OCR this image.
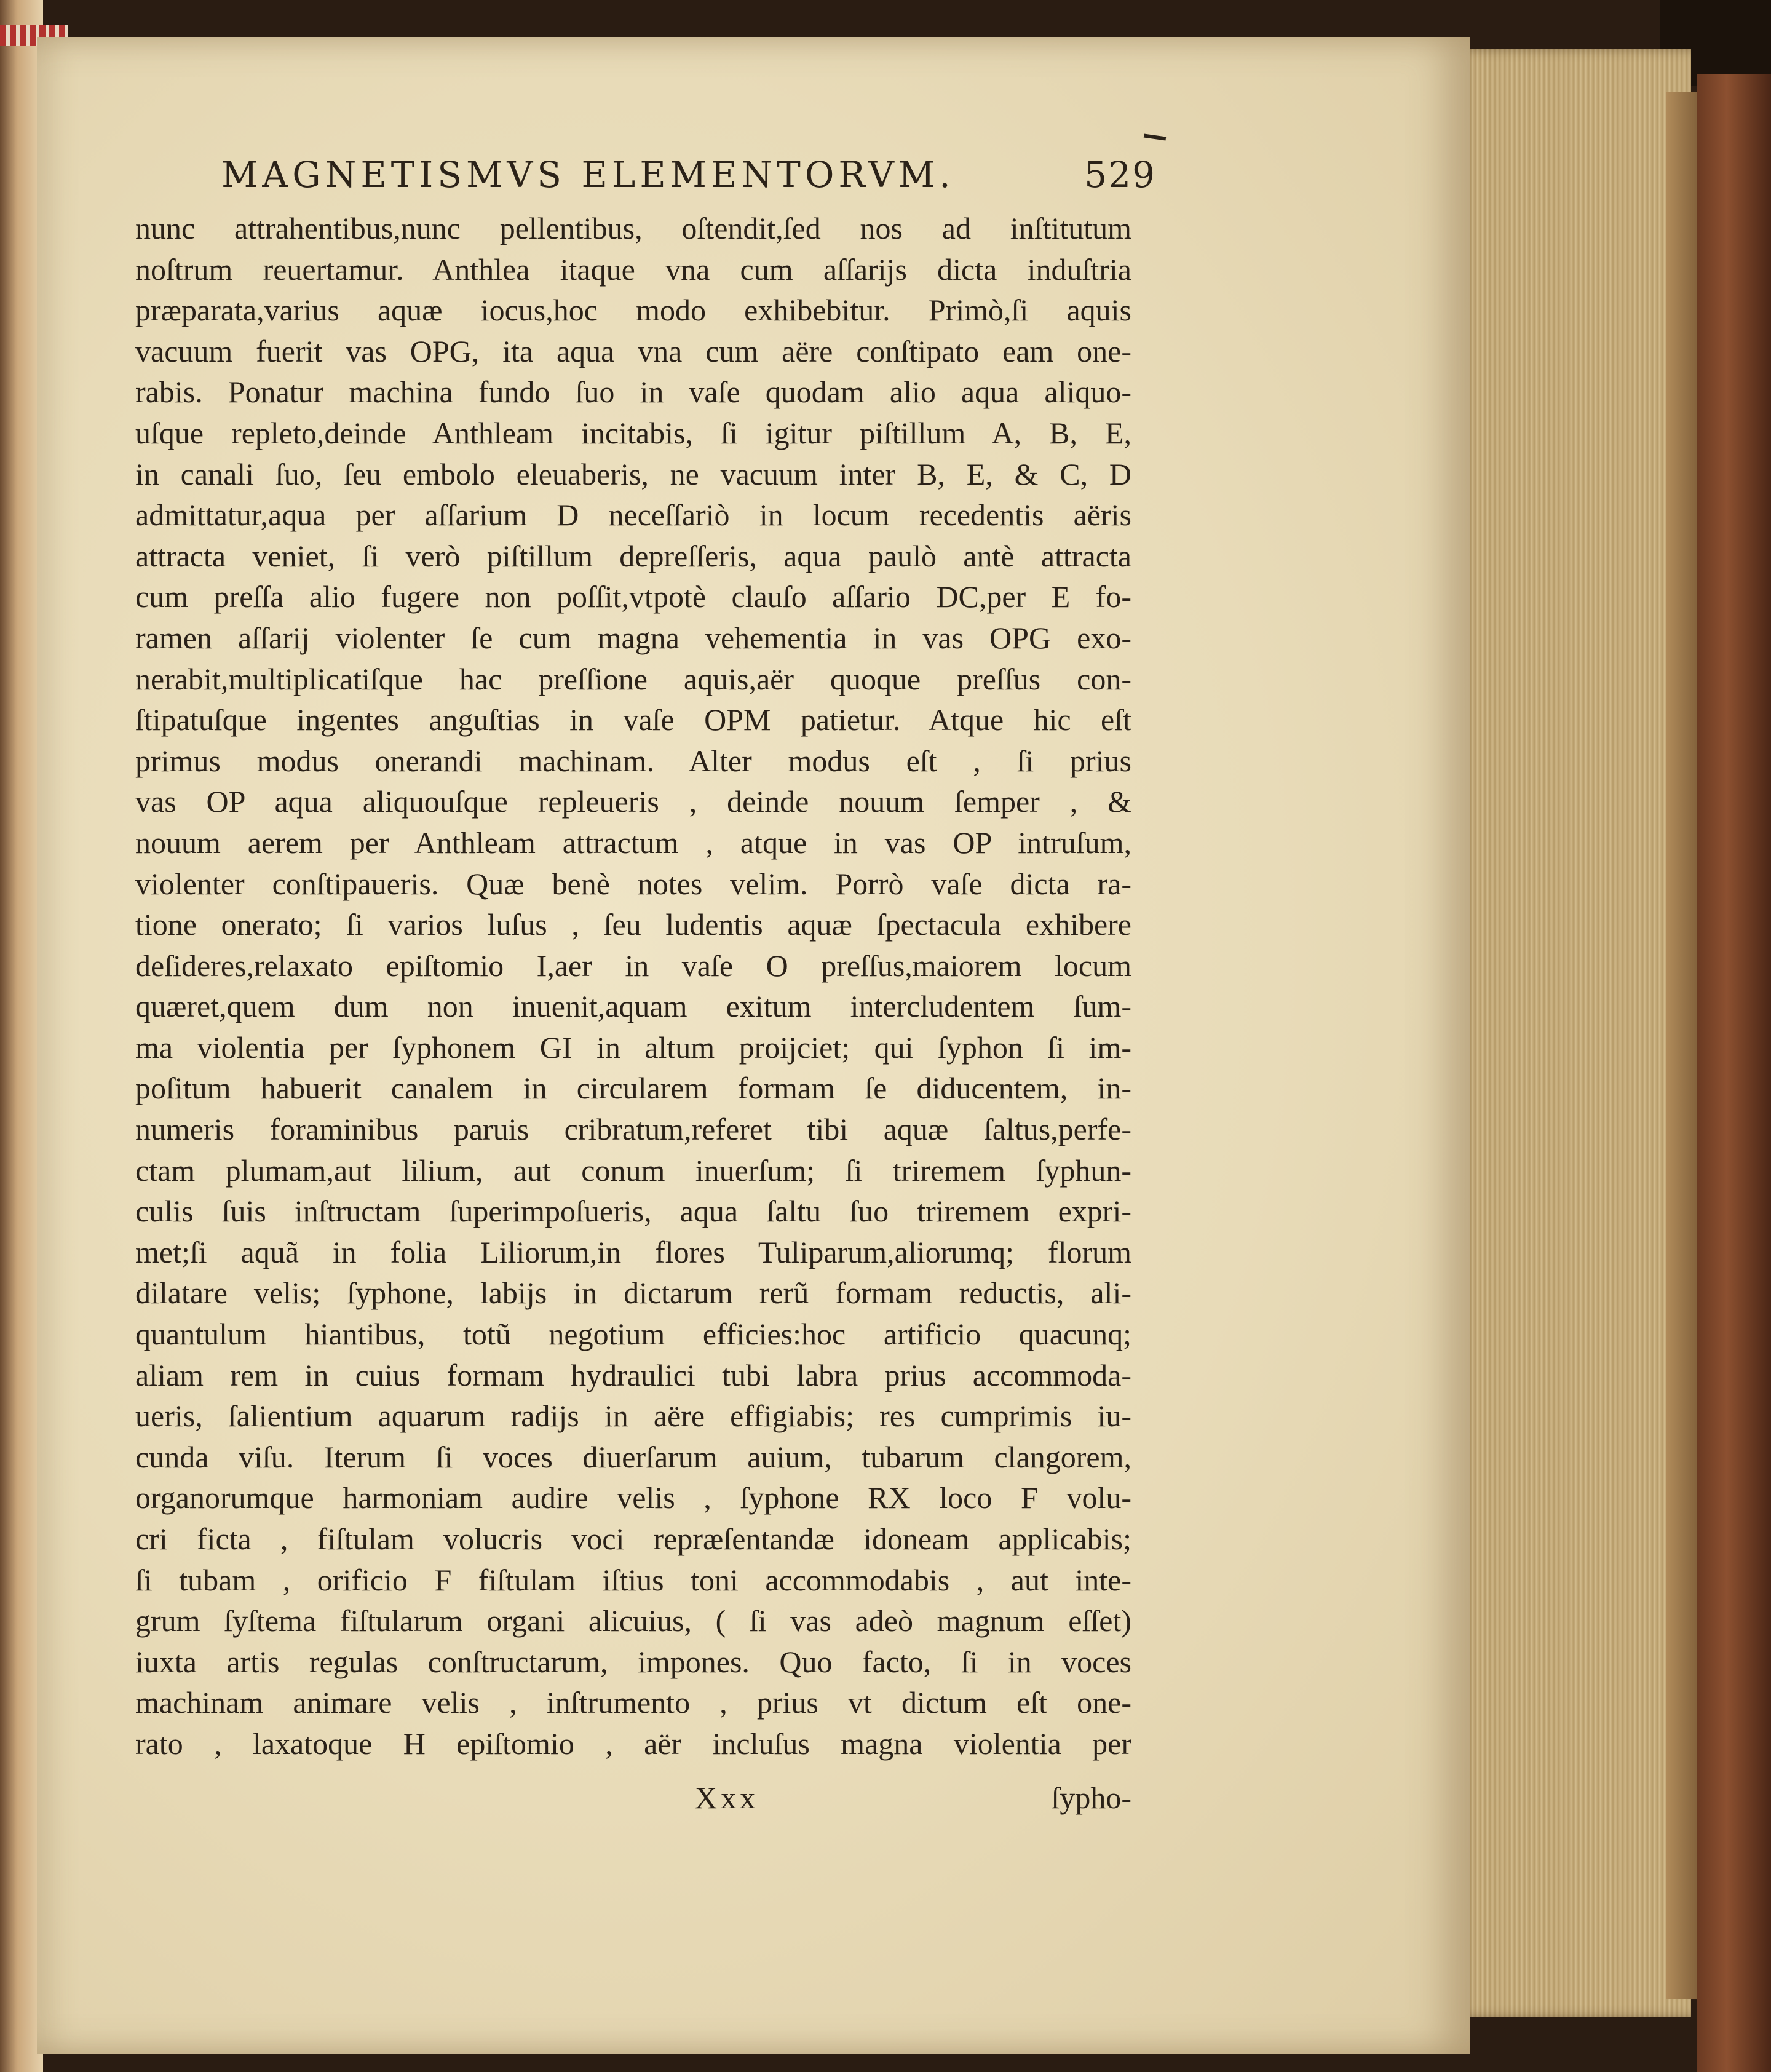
MAGNETISMVS ELEMENTORVM.	529
nunc attrahentibus,nunc pellentibus, oſtendit,ſed nos ad inſtitutum
noſtrum reuertamur. Anthlea itaque vna cum aſſarijs dicta induſtria
præparata,varius aquæ iocus,hoc modo exhibebitur. Primò,ſi aquis
vacuum fuerit vas OPG, ita aqua vna cum aëre conſtipato eam one-
rabis. Ponatur machina fundo ſuo in vaſe quodam alio aqua aliquo-
uſque repleto,deinde Anthleam incitabis, ſi igitur piſtillum A, B, E,
in canali ſuo, ſeu embolo eleuaberis, ne vacuum inter B, E, & C, D
admittatur,aqua per aſſarium D neceſſariò in locum recedentis aëris
attracta veniet, ſi verò piſtillum depreſſeris, aqua paulò antè attracta
cum preſſa alio fugere non poſſit,vtpotè clauſo aſſario DC,per E fo-
ramen aſſarij violenter ſe cum magna vehementia in vas OPG exo-
nerabit,multiplicatiſque hac preſſione aquis,aër quoque preſſus con-
ſtipatuſque ingentes anguſtias in vaſe OPM patietur. Atque hic eſt
primus modus onerandi machinam. Alter modus eſt , ſi prius
vas OP aqua aliquouſque repleueris , deinde nouum ſemper , &
nouum aerem per Anthleam attractum , atque in vas OP intruſum,
violenter conſtipaueris. Quæ benè notes velim. Porrò vaſe dicta ra-
tione onerato; ſi varios luſus , ſeu ludentis aquæ ſpectacula exhibere
deſideres,relaxato epiſtomio I,aer in vaſe O preſſus,maiorem locum
quæret,quem dum non inuenit,aquam exitum intercludentem ſum-
ma violentia per ſyphonem GI in altum proijciet; qui ſyphon ſi im-
poſitum habuerit canalem in circularem formam ſe diducentem, in-
numeris foraminibus paruis cribratum,referet tibi aquæ ſaltus,perfe-
ctam plumam,aut lilium, aut conum inuerſum; ſi triremem ſyphun-
culis ſuis inſtructam ſuperimpoſueris, aqua ſaltu ſuo triremem expri-
met;ſi aquã in folia Liliorum,in flores Tuliparum,aliorumq; florum
dilatare velis; ſyphone, labijs in dictarum rerũ formam reductis, ali-
quantulum hiantibus, totũ negotium efficies:hoc artificio quacunq;
aliam rem in cuius formam hydraulici tubi labra prius accommoda-
ueris, ſalientium aquarum radijs in aëre effigiabis; res cumprimis iu-
cunda viſu. Iterum ſi voces diuerſarum auium, tubarum clangorem,
organorumque harmoniam audire velis , ſyphone RX loco F volu-
cri ficta , fiſtulam volucris voci repræſentandæ idoneam applicabis;
ſi tubam , orificio F fiſtulam iſtius toni accommodabis , aut inte-
grum ſyſtema fiſtularum organi alicuius, ( ſi vas adeò magnum eſſet)
iuxta artis regulas conſtructarum, impones. Quo facto, ſi in voces
machinam animare velis , inſtrumento , prius vt dictum eſt one-
rato , laxatoque H epiſtomio , aër incluſus magna violentia per
Xxx	ſypho-
